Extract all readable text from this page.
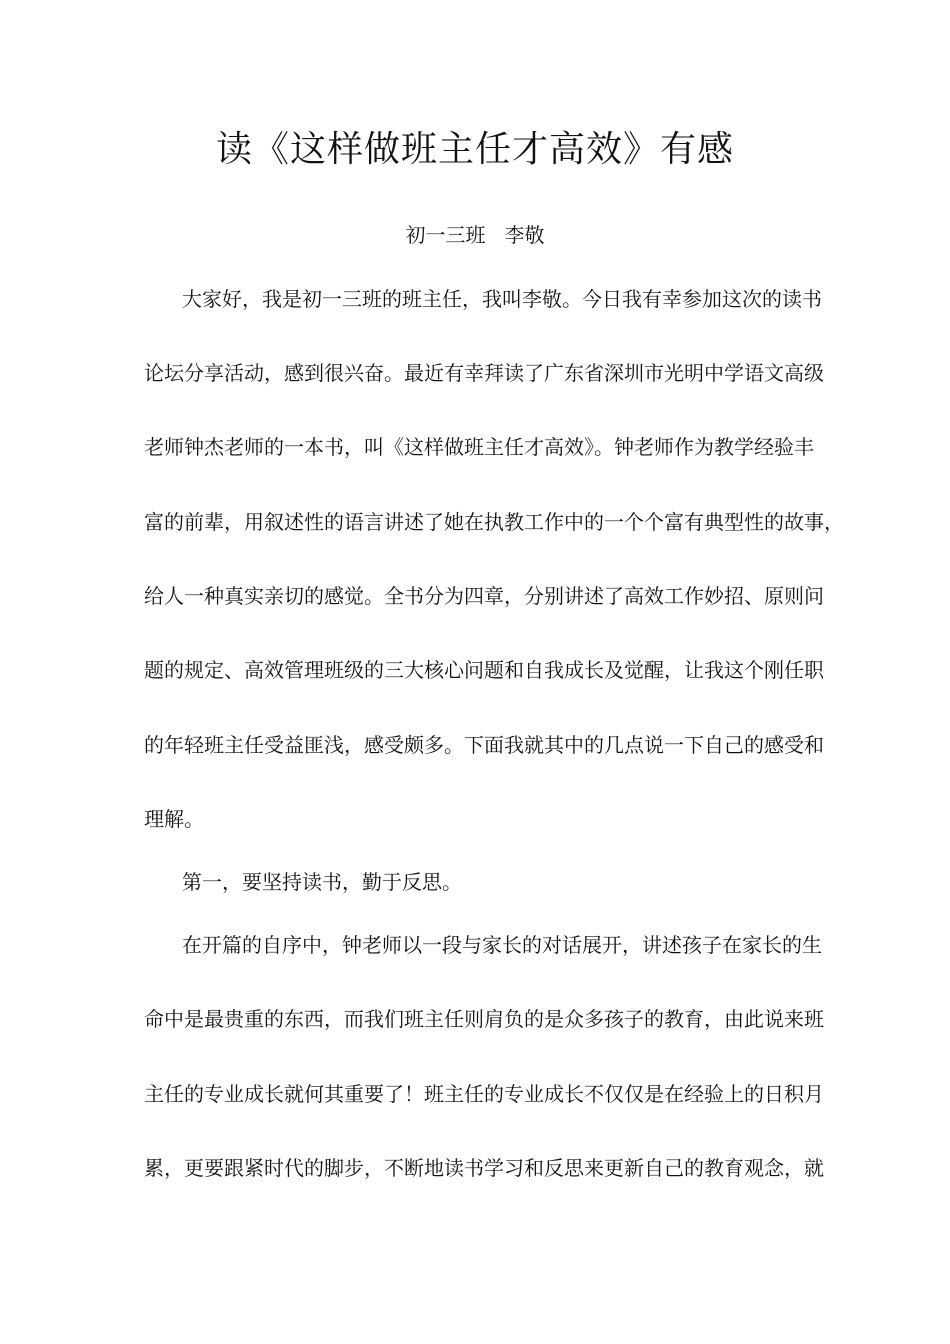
读《这样做班主任才高效》有感
初一三班   李敬
大家好，我是初一三班的班主任，我叫李敬。今日我有幸参加这次的读书
论坛分享活动，感到很兴奋。最近有幸拜读了广东省深圳市光明中学语文高级
老师钟杰老师的一本书，叫《这样做班主任才高效》。钟老师作为教学经验丰
富的前辈，用叙述性的语言讲述了她在执教工作中的一个个富有典型性的故事，
给人一种真实亲切的感觉。全书分为四章，分别讲述了高效工作妙招、原则问
题的规定、高效管理班级的三大核心问题和自我成长及觉醒，让我这个刚任职
的年轻班主任受益匪浅，感受颇多。下面我就其中的几点说一下自己的感受和
理解。
第一，要坚持读书，勤于反思。
在开篇的自序中，钟老师以一段与家长的对话展开，讲述孩子在家长的生
命中是最贵重的东西，而我们班主任则肩负的是众多孩子的教育，由此说来班
主任的专业成长就何其重要了！班主任的专业成长不仅仅是在经验上的日积月
累，更要跟紧时代的脚步，不断地读书学习和反思来更新自己的教育观念，就
